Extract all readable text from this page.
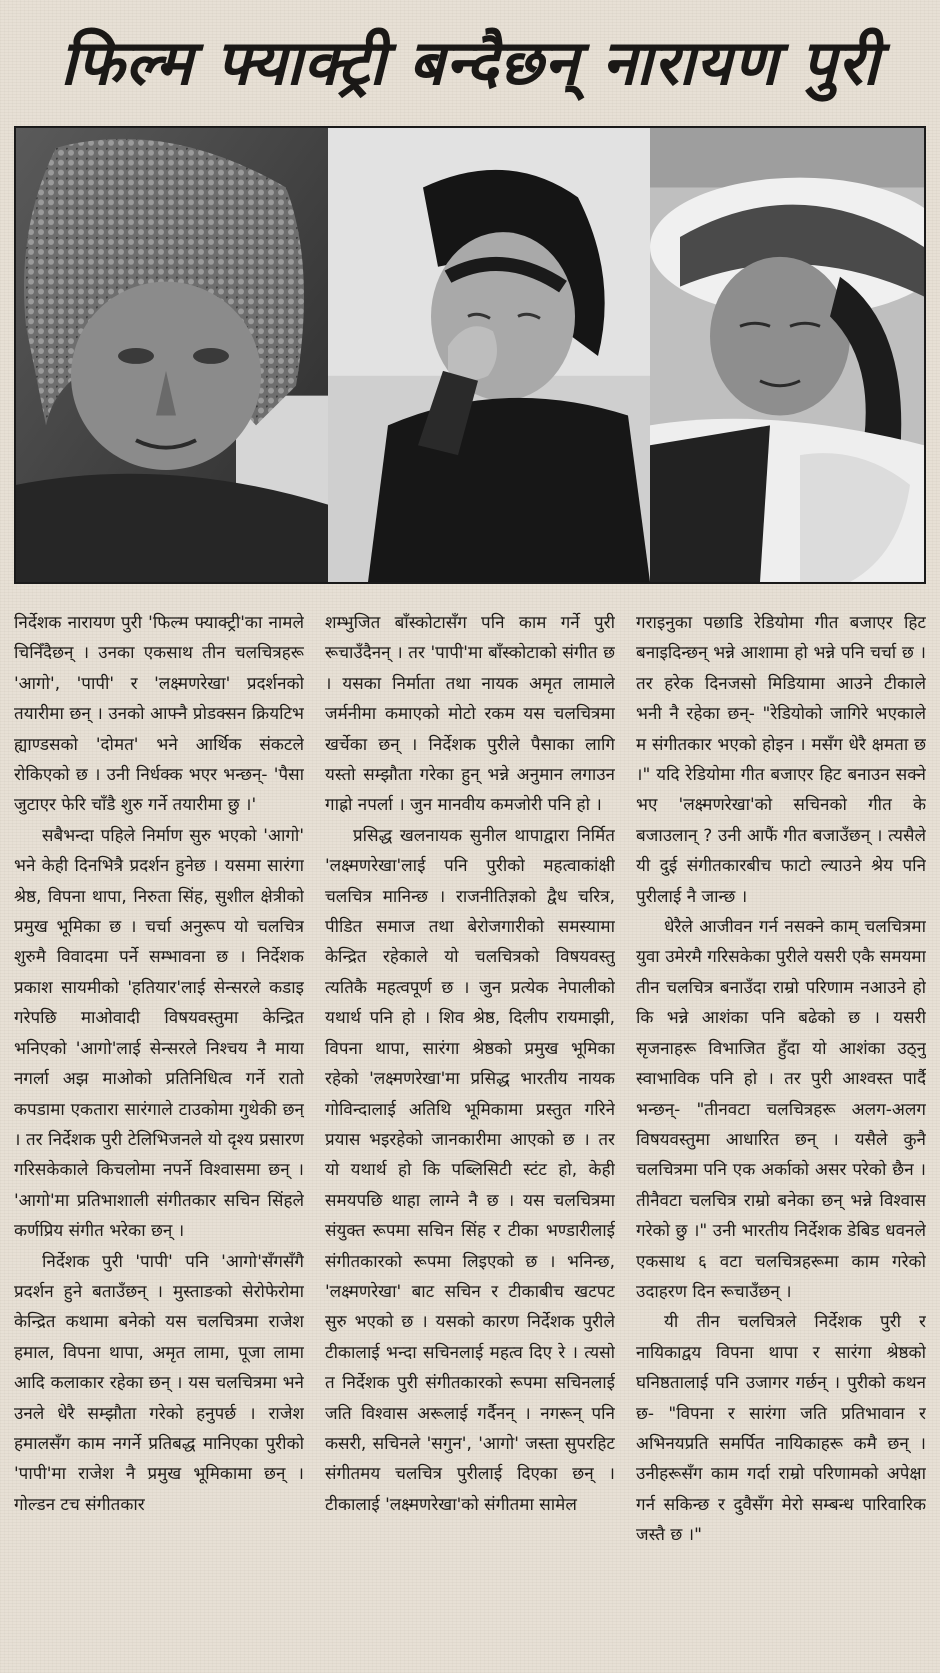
फिल्म फ्याक्ट्री बन्दैछन् नारायण पुरी

निर्देशक नारायण पुरी 'फिल्म फ्याक्ट्री'का नामले चिनिँदैछन् । उनका एकसाथ तीन चलचित्रहरू 'आगो', 'पापी' र 'लक्ष्मणरेखा' प्रदर्शनको तयारीमा छन् । उनको आफ्नै प्रोडक्सन क्रियटिभ ह्याण्डसको 'दोमत' भने आर्थिक संकटले रोकिएको छ । उनी निर्धक्क भएर भन्छन्- 'पैसा जुटाएर फेरि चाँडै शुरु गर्ने तयारीमा छु ।'

सबैभन्दा पहिले निर्माण सुरु भएको 'आगो' भने केही दिनभित्रै प्रदर्शन हुनेछ । यसमा सारंगा श्रेष्ठ, विपना थापा, निरुता सिंह, सुशील क्षेत्रीको प्रमुख भूमिका छ । चर्चा अनुरूप यो चलचित्र शुरुमै विवादमा पर्ने सम्भावना छ । निर्देशक प्रकाश सायमीको 'हतियार'लाई सेन्सरले कडाइ गरेपछि माओवादी विषयवस्तुमा केन्द्रित भनिएको 'आगो'लाई सेन्सरले निश्चय नै माया नगर्ला अझ माओको प्रतिनिधित्व गर्ने रातो कपडामा एकतारा सारंगाले टाउकोमा गुथेकी छन् । तर निर्देशक पुरी टेलिभिजनले यो दृश्य प्रसारण गरिसकेकाले किचलोमा नपर्ने विश्वासमा छन् । 'आगो'मा प्रतिभाशाली संगीतकार सचिन सिंहले कर्णप्रिय संगीत भरेका छन् ।

निर्देशक पुरी 'पापी' पनि 'आगो'सँगसँगै प्रदर्शन हुने बताउँछन् । मुस्ताङको सेरोफेरोमा केन्द्रित कथामा बनेको यस चलचित्रमा राजेश हमाल, विपना थापा, अमृत लामा, पूजा लामा आदि कलाकार रहेका छन् । यस चलचित्रमा भने उनले धेरै सम्झौता गरेको हनुपर्छ । राजेश हमालसँग काम नगर्ने प्रतिबद्ध मानिएका पुरीको 'पापी'मा राजेश नै प्रमुख भूमिकामा छन् । गोल्डन टच संगीतकार

शम्भुजित बाँस्कोटासँग पनि काम गर्ने पुरी रूचाउँदैनन् । तर 'पापी'मा बाँस्कोटाको संगीत छ । यसका निर्माता तथा नायक अमृत लामाले जर्मनीमा कमाएको मोटो रकम यस चलचित्रमा खर्चेका छन् । निर्देशक पुरीले पैसाका लागि यस्तो सम्झौता गरेका हुन् भन्ने अनुमान लगाउन गाह्रो नपर्ला । जुन मानवीय कमजोरी पनि हो ।

प्रसिद्ध खलनायक सुनील थापाद्वारा निर्मित 'लक्ष्मणरेखा'लाई पनि पुरीको महत्वाकांक्षी चलचित्र मानिन्छ । राजनीतिज्ञको द्वैध चरित्र, पीडित समाज तथा बेरोजगारीको समस्यामा केन्द्रित रहेकाले यो चलचित्रको विषयवस्तु त्यतिकै महत्वपूर्ण छ । जुन प्रत्येक नेपालीको यथार्थ पनि हो । शिव श्रेष्ठ, दिलीप रायमाझी, विपना थापा, सारंगा श्रेष्ठको प्रमुख भूमिका रहेको 'लक्ष्मणरेखा'मा प्रसिद्ध भारतीय नायक गोविन्दालाई अतिथि भूमिकामा प्रस्तुत गरिने प्रयास भइरहेको जानकारीमा आएको छ । तर यो यथार्थ हो कि पब्लिसिटी स्टंट हो, केही समयपछि थाहा लाग्ने नै छ । यस चलचित्रमा संयुक्त रूपमा सचिन सिंह र टीका भण्डारीलाई संगीतकारको रूपमा लिइएको छ । भनिन्छ, 'लक्ष्मणरेखा' बाट सचिन र टीकाबीच खटपट सुरु भएको छ । यसको कारण निर्देशक पुरीले टीकालाई भन्दा सचिनलाई महत्व दिए रे । त्यसो त निर्देशक पुरी संगीतकारको रूपमा सचिनलाई जति विश्वास अरूलाई गर्दैनन् । नगरून् पनि कसरी, सचिनले 'सगुन', 'आगो' जस्ता सुपरहिट संगीतमय चलचित्र पुरीलाई दिएका छन् । टीकालाई 'लक्ष्मणरेखा'को संगीतमा सामेल

गराइनुका पछाडि रेडियोमा गीत बजाएर हिट बनाइदिन्छन् भन्ने आशामा हो भन्ने पनि चर्चा छ । तर हरेक दिनजसो मिडियामा आउने टीकाले भनी नै रहेका छन्- "रेडियोको जागिरे भएकाले म संगीतकार भएको होइन । मसँग धेरै क्षमता छ ।" यदि रेडियोमा गीत बजाएर हिट बनाउन सक्ने भए 'लक्ष्मणरेखा'को सचिनको गीत के बजाउलान् ? उनी आफैं गीत बजाउँछन् । त्यसैले यी दुई संगीतकारबीच फाटो ल्याउने श्रेय पनि पुरीलाई नै जान्छ ।

धेरैले आजीवन गर्न नसक्ने काम् चलचित्रमा युवा उमेरमै गरिसकेका पुरीले यसरी एकै समयमा तीन चलचित्र बनाउँदा राम्रो परिणाम नआउने हो कि भन्ने आशंका पनि बढेको छ । यसरी सृजनाहरू विभाजित हुँदा यो आशंका उठ्नु स्वाभाविक पनि हो । तर पुरी आश्वस्त पार्दै भन्छन्- "तीनवटा चलचित्रहरू अलग-अलग विषयवस्तुमा आधारित छन् । यसैले कुनै चलचित्रमा पनि एक अर्काको असर परेको छैन । तीनैवटा चलचित्र राम्रो बनेका छन् भन्ने विश्वास गरेको छु ।" उनी भारतीय निर्देशक डेबिड धवनले एकसाथ ६ वटा चलचित्रहरूमा काम गरेको उदाहरण दिन रूचाउँछन् ।

यी तीन चलचित्रले निर्देशक पुरी र नायिकाद्वय विपना थापा र सारंगा श्रेष्ठको घनिष्ठतालाई पनि उजागर गर्छन् । पुरीको कथन छ- "विपना र सारंगा जति प्रतिभावान र अभिनयप्रति समर्पित नायिकाहरू कमै छन् । उनीहरूसँग काम गर्दा राम्रो परिणामको अपेक्षा गर्न सकिन्छ र दुवैसँग मेरो सम्बन्ध पारिवारिक जस्तै छ ।"
